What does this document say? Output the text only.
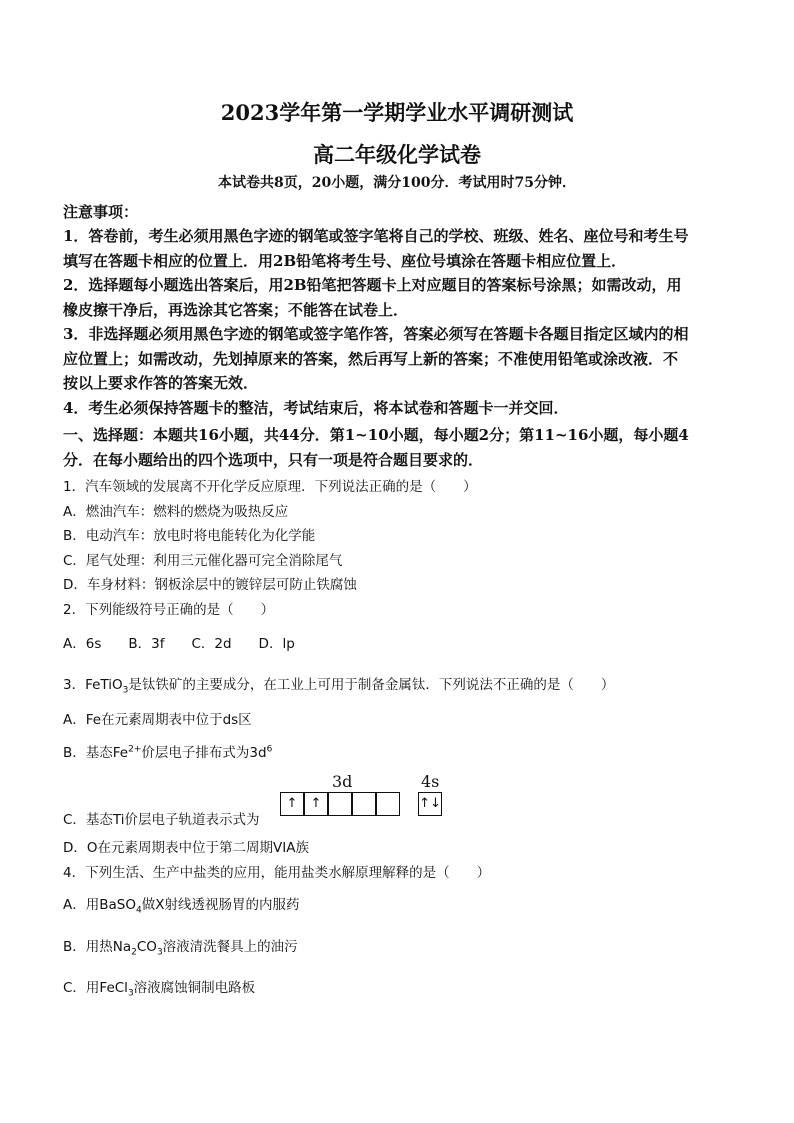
2023学年第一学期学业水平调研测试
高二年级化学试卷
本试卷共8页，20小题，满分100分．考试用时75分钟．
注意事项：
1．答卷前，考生必须用黑色字迹的钢笔或签字笔将自己的学校、班级、姓名、座位号和考生号
填写在答题卡相应的位置上．用2B铅笔将考生号、座位号填涂在答题卡相应位置上．
2．选择题每小题选出答案后，用2B铅笔把答题卡上对应题目的答案标号涂黑；如需改动，用
橡皮擦干净后，再选涂其它答案；不能答在试卷上．
3．非选择题必须用黑色字迹的钢笔或签字笔作答，答案必须写在答题卡各题目指定区域内的相
应位置上；如需改动，先划掉原来的答案，然后再写上新的答案；不准使用铅笔或涂改液．不
按以上要求作答的答案无效．
4．考生必须保持答题卡的整洁，考试结束后，将本试卷和答题卡一并交回．
一、选择题：本题共16小题，共44分．第1~10小题，每小题2分；第11~16小题，每小题4
分．在每小题给出的四个选项中，只有一项是符合题目要求的．
1．汽车领域的发展离不开化学反应原理．下列说法正确的是（　　）
A．燃油汽车：燃料的燃烧为吸热反应
B．电动汽车：放电时将电能转化为化学能
C．尾气处理：利用三元催化器可完全消除尾气
D．车身材料：钢板涂层中的镀锌层可防止铁腐蚀
2．下列能级符号正确的是（　　）
A．6s　　B．3f　　C．2d　　D．lp
3．FeTiO$_3$是钛铁矿的主要成分，在工业上可用于制备金属钛．下列说法不正确的是（　　）
A．Fe在元素周期表中位于ds区
B．基态$Fe^{2+}$价层电子排布式为$3d^6$
3d	4s
C．基态Ti价层电子轨道表示式为
↑	↑	↑↓
D．O在元素周期表中位于第二周期VIA族
4．下列生活、生产中盐类的应用，能用盐类水解原理解释的是（　　）
A．用BaSO$_4$做X射线透视肠胃的内服药
B．用热$Na_2CO_3$溶液清洗餐具上的油污
C．用FeCl$_3$溶液腐蚀铜制电路板
